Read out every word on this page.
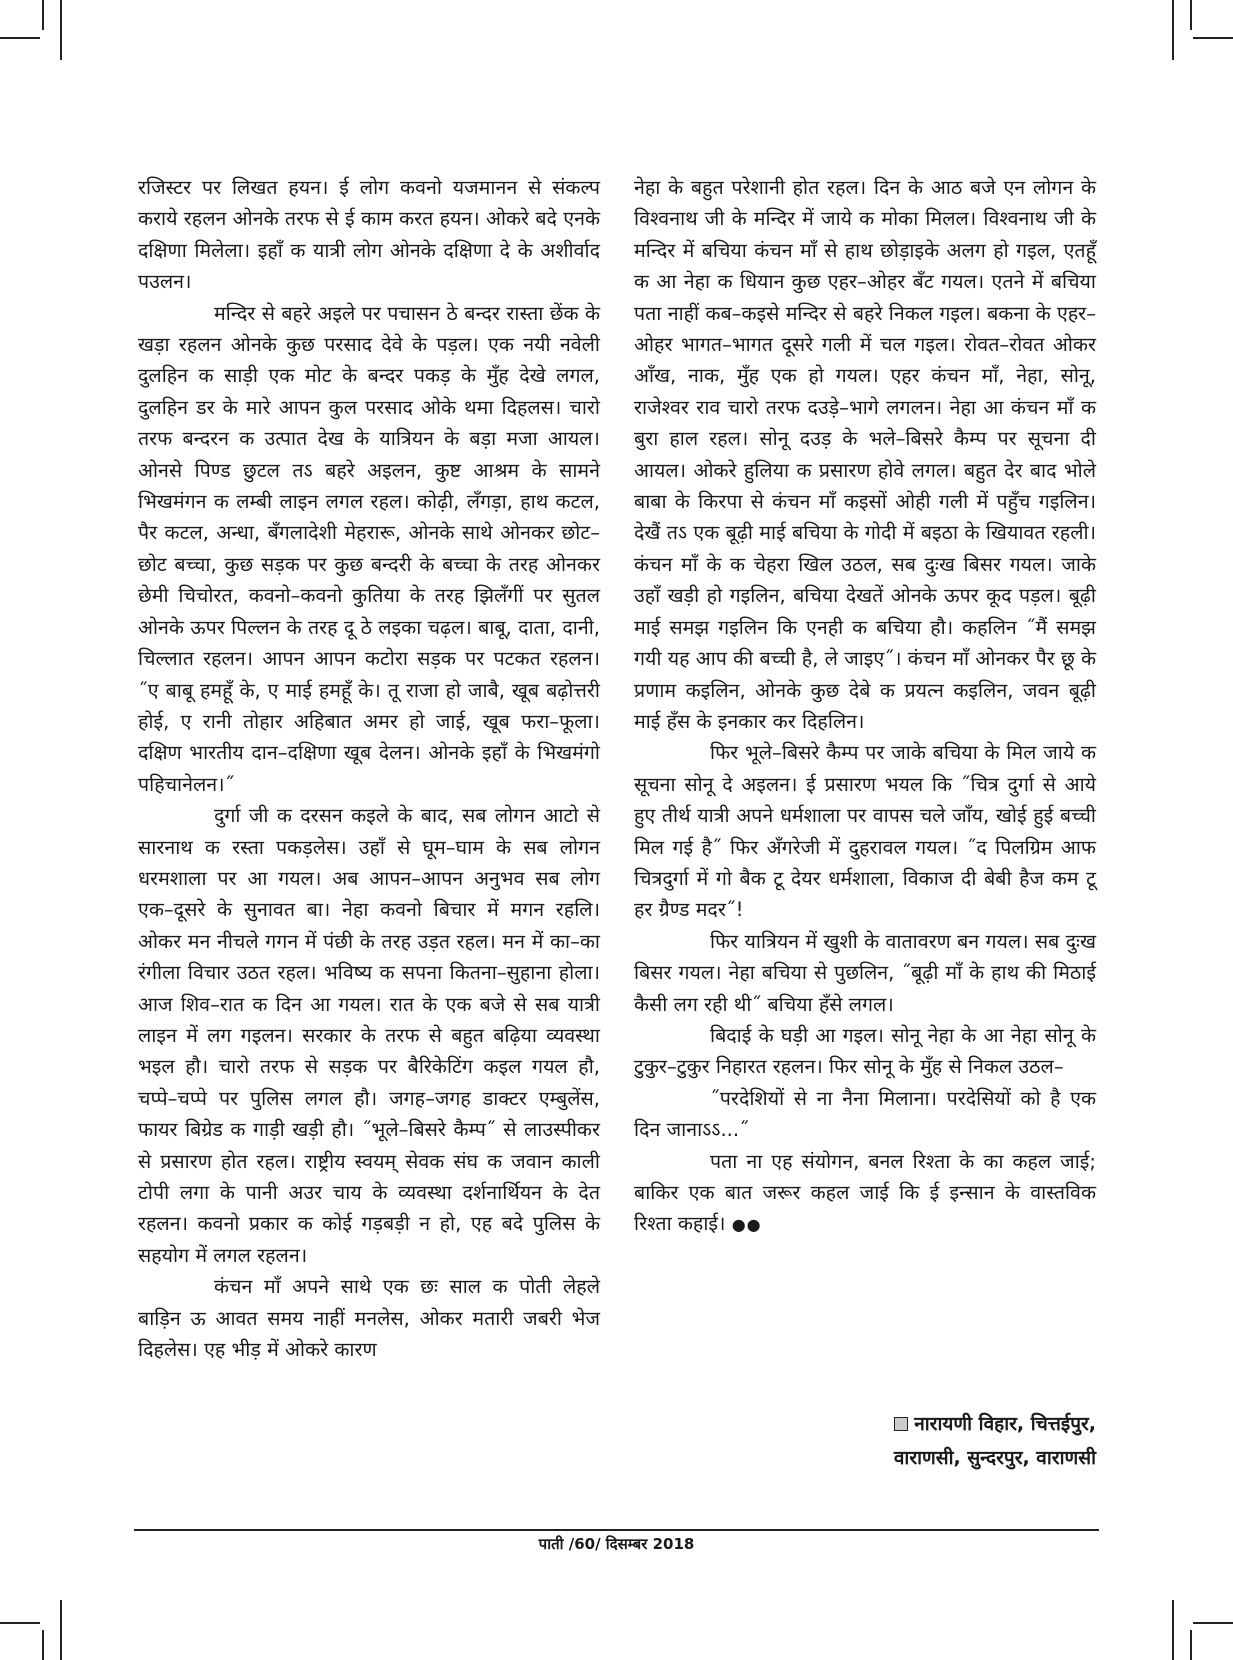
रजिस्टर पर लिखत हयन। ई लोग कवनो यजमानन से संकल्प कराये रहलन ओनके तरफ से ई काम करत हयन। ओकरे बदे एनके दक्षिणा मिलेला। इहाँ क यात्री लोग ओनके दक्षिणा दे के अशीर्वाद पउलन।

मन्दिर से बहरे अइले पर पचासन ठे बन्दर रास्ता छेंक के खड़ा रहलन ओनके कुछ परसाद देवे के पड़ल। एक नयी नवेली दुलहिन क साड़ी एक मोट के बन्दर पकड़ के मुँह देखे लगल, दुलहिन डर के मारे आपन कुल परसाद ओके थमा दिहलस। चारो तरफ बन्दरन क उत्पात देख के यात्रियन के बड़ा मजा आयल। ओनसे पिण्ड छुटल तऽ बहरे अइलन, कुष्ट आश्रम के सामने भिखमंगन क लम्बी लाइन लगल रहल। कोढ़ी, लँगड़ा, हाथ कटल, पैर कटल, अन्धा, बँगलादेशी मेहरारू, ओनके साथे ओनकर छोट–छोट बच्चा, कुछ सड़क पर कुछ बन्दरी के बच्चा के तरह ओनकर छेमी चिचोरत, कवनो–कवनो कुतिया के तरह झिलँगीं पर सुतल ओनके ऊपर पिल्लन के तरह दू ठे लइका चढ़ल। बाबू, दाता, दानी, चिल्लात रहलन। आपन आपन कटोरा सड़क पर पटकत रहलन। ˝ए बाबू हमहूँ के, ए माई हमहूँ के। तू राजा हो जाबै, खूब बढ़ोत्तरी होई, ए रानी तोहार अहिबात अमर हो जाई, खूब फरा–फूला। दक्षिण भारतीय दान–दक्षिणा खूब देलन। ओनके इहाँ के भिखमंगो पहिचानेलन।˝

दुर्गा जी क दरसन कइले के बाद, सब लोगन आटो से सारनाथ क रस्ता पकड़लेस। उहाँ से घूम–घाम के सब लोगन धरमशाला पर आ गयल। अब आपन–आपन अनुभव सब लोग एक–दूसरे के सुनावत बा। नेहा कवनो बिचार में मगन रहलि। ओकर मन नीचले गगन में पंछी के तरह उड़त रहल। मन में का–का रंगीला विचार उठत रहल। भविष्य क सपना कितना–सुहाना होला। आज शिव–रात क दिन आ गयल। रात के एक बजे से सब यात्री लाइन में लग गइलन। सरकार के तरफ से बहुत बढ़िया व्यवस्था भइल हौ। चारो तरफ से सड़क पर बैरिकेटिंग कइल गयल हौ, चप्पे–चप्पे पर पुलिस लगल हौ। जगह–जगह डाक्टर एम्बुलेंस, फायर बिग्रेड क गाड़ी खड़ी हौ। ˝भूले–बिसरे कैम्प˝ से लाउस्पीकर से प्रसारण होत रहल। राष्ट्रीय स्वयम् सेवक संघ क जवान काली टोपी लगा के पानी अउर चाय के व्यवस्था दर्शनार्थियन के देत रहलन। कवनो प्रकार क कोई गड़बड़ी न हो, एह बदे पुलिस के सहयोग में लगल रहलन।

कंचन माँ अपने साथे एक छः साल क पोती लेहले बाड़िन ऊ आवत समय नाहीं मनलेस, ओकर मतारी जबरी भेज दिहलेस। एह भीड़ में ओकरे कारण

नेहा के बहुत परेशानी होत रहल। दिन के आठ बजे एन लोगन के विश्वनाथ जी के मन्दिर में जाये क मोका मिलल। विश्वनाथ जी के मन्दिर में बचिया कंचन माँ से हाथ छोड़ाइके अलग हो गइल, एतहूँ क आ नेहा क धियान कुछ एहर–ओहर बँट गयल। एतने में बचिया पता नाहीं कब–कइसे मन्दिर से बहरे निकल गइल। बकना के एहर–ओहर भागत–भागत दूसरे गली में चल गइल। रोवत–रोवत ओकर आँख, नाक, मुँह एक हो गयल। एहर कंचन माँ, नेहा, सोनू, राजेश्वर राव चारो तरफ दउड़े–भागे लगलन। नेहा आ कंचन माँ क बुरा हाल रहल। सोनू दउड़ के भले–बिसरे कैम्प पर सूचना दी आयल। ओकरे हुलिया क प्रसारण होवे लगल। बहुत देर बाद भोले बाबा के किरपा से कंचन माँ कइसों ओही गली में पहुँच गइलिन। देखैं तऽ एक बूढ़ी माई बचिया के गोदी में बइठा के खियावत रहली। कंचन माँ के क चेहरा खिल उठल, सब दुःख बिसर गयल। जाके उहाँ खड़ी हो गइलिन, बचिया देखतें ओनके ऊपर कूद पड़ल। बूढ़ी माई समझ गइलिन कि एनही क बचिया हौ। कहलिन ˝मैं समझ गयी यह आप की बच्ची है, ले जाइए˝। कंचन माँ ओनकर पैर छू के प्रणाम कइलिन, ओनके कुछ देबे क प्रयत्न कइलिन, जवन बूढ़ी माई हँस के इनकार कर दिहलिन।

फिर भूले–बिसरे कैम्प पर जाके बचिया के मिल जाये क सूचना सोनू दे अइलन। ई प्रसारण भयल कि ˝चित्र दुर्गा से आये हुए तीर्थ यात्री अपने धर्मशाला पर वापस चले जाँय, खोई हुई बच्ची मिल गई है˝ फिर अँगरेजी में दुहरावल गयल। ˝द पिलग्रिम आफ चित्रदुर्गा में गो बैक टू देयर धर्मशाला, विकाज दी बेबी हैज कम टू हर ग्रैण्ड मदर˝!

फिर यात्रियन में खुशी के वातावरण बन गयल। सब दुःख बिसर गयल। नेहा बचिया से पुछलिन, ˝बूढ़ी माँ के हाथ की मिठाई कैसी लग रही थी˝ बचिया हँसे लगल।

बिदाई के घड़ी आ गइल। सोनू नेहा के आ नेहा सोनू के टुकुर–टुकुर निहारत रहलन। फिर सोनू के मुँह से निकल उठल–

˝परदेशियों से ना नैना मिलाना। परदेसियों को है एक दिन जानाऽऽ...˝

पता ना एह संयोगन, बनल रिश्ता के का कहल जाई; बाकिर एक बात जरूर कहल जाई कि ई इन्सान के वास्तविक रिश्ता कहाई। ●●

नारायणी विहार, चित्तईपुर,
वाराणसी, सुन्दरपुर, वाराणसी
पाती /60/ दिसम्बर 2018
